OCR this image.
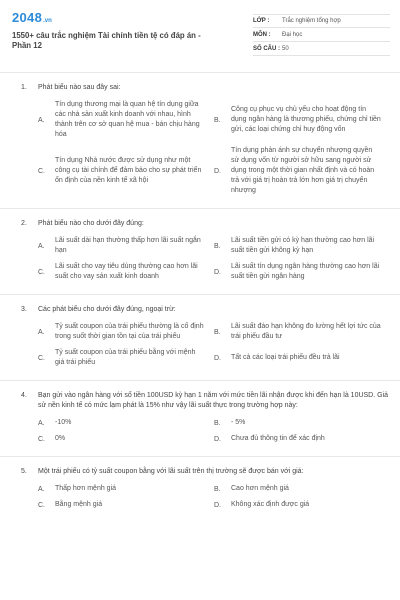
2048 .vn
1550+ câu trắc nghiệm Tài chính tiền tệ có đáp án - Phần 12
LỚP :	Trắc nghiệm tổng hợp
MÔN :	Đại học
SỐ CÂU : 50
1.	Phát biểu nào sau đây sai:
A.
Tín dụng thương mại là quan hệ tín dụng giữa các nhà sản xuất kinh doanh với nhau, hình thành trên cơ sở quan hệ mua - bán chịu hàng hóa
B.
Công cụ phục vụ chủ yếu cho hoạt động tín dụng ngân hàng là thương phiếu, chứng chỉ tiền gửi, các loại chứng chỉ huy động vốn
C.
Tín dụng Nhà nước được sử dụng như một công cụ tài chính để đảm bảo cho sự phát triển ổn định của nền kinh tế xã hội
D.
Tín dụng phản ánh sự chuyển nhượng quyền sử dụng vốn từ người sở hữu sang người sử dụng trong một thời gian nhất định và có hoàn trả với giá trị hoàn trả lớn hơn giá trị chuyển nhượng
2.	Phát biểu nào cho dưới đây đúng:
A.
Lãi suất dài hạn thường thấp hơn lãi suất ngắn hạn
B.
Lãi suất tiền gửi có kỳ hạn thường cao hơn lãi suất tiền gửi không kỳ hạn
C.
Lãi suất cho vay tiêu dùng thường cao hơn lãi suất cho vay sản xuất kinh doanh
D.
Lãi suất tín dụng ngân hàng thường cao hơn lãi suất tiền gửi ngân hàng
3.	Các phát biểu cho dưới đây đúng, ngoại trừ:
A.
Tỷ suất coupon của trái phiếu thường là cố định trong suốt thời gian tồn tại của trái phiếu
B.
Lãi suất đáo hạn không đo lường hết lợi tức của trái phiếu đầu tư
C.
Tỷ suất coupon của trái phiếu bằng với mệnh giá trái phiếu
D.	Tất cả các loại trái phiếu đều trả lãi
4.	Bạn gửi vào ngân hàng với số tiền 100USD kỳ hạn 1 năm với mức tiền lãi nhận được khi đến hạn là 10USD. Giả sử nền kinh tế có mức lạm phát là 15% như vậy lãi suất thực trong trường hợp này:
A.	-10%	B.	- 5%
C.	0%	D.	Chưa đủ thông tin để xác định
5.	Một trái phiếu có tỷ suất coupon bằng với lãi suất trên thị trường sẽ được bán với giá:
A.	Thấp hơn mệnh giá	B.	Cao hơn mệnh giá
C.	Bằng mệnh giá	D.	Không xác định được giá
